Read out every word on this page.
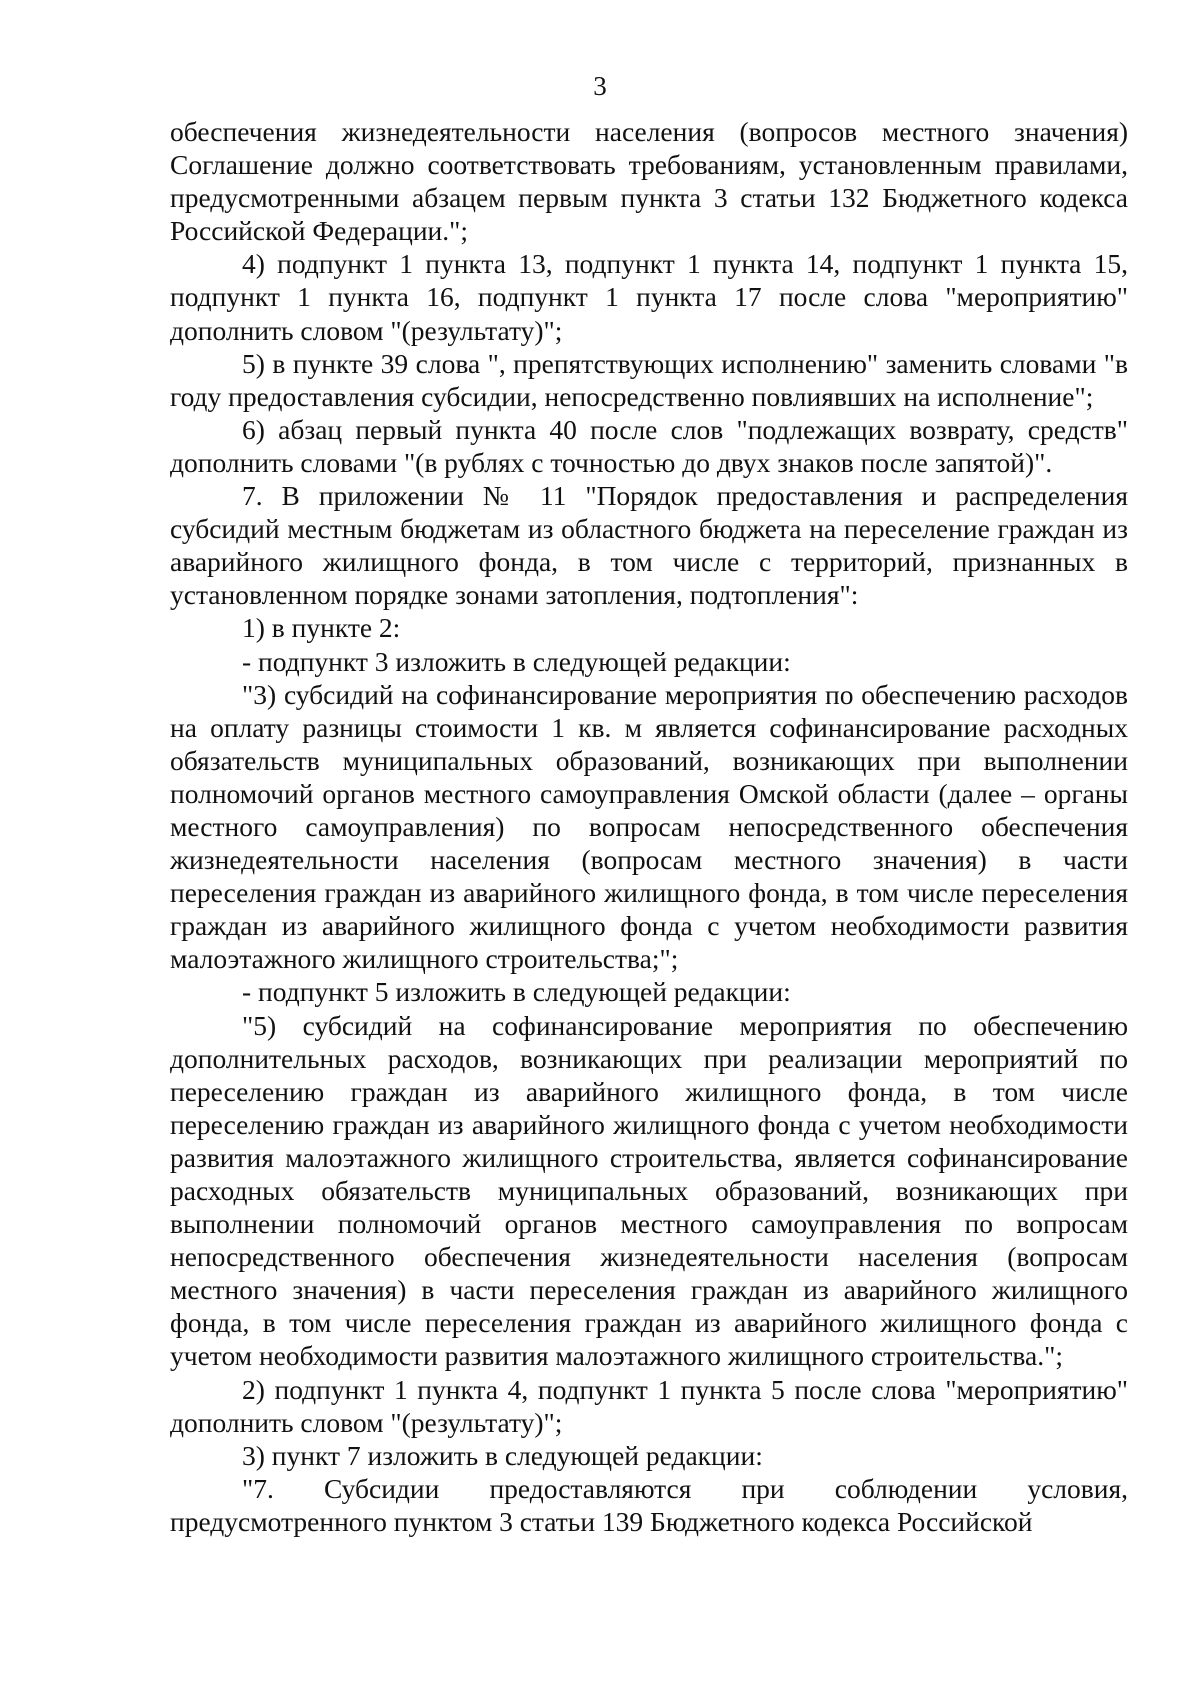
3

обеспечения жизнедеятельности населения (вопросов местного значения) Соглашение должно соответствовать требованиям, установленным правилами, предусмотренными абзацем первым пункта 3 статьи 132 Бюджетного кодекса Российской Федерации.";

4) подпункт 1 пункта 13, подпункт 1 пункта 14, подпункт 1 пункта 15, подпункт 1 пункта 16, подпункт 1 пункта 17 после слова "мероприятию" дополнить словом "(результату)";

5) в пункте 39 слова ", препятствующих исполнению" заменить словами "в году предоставления субсидии, непосредственно повлиявших на исполнение";

6) абзац первый пункта 40 после слов "подлежащих возврату, средств" дополнить словами "(в рублях с точностью до двух знаков после запятой)".

7. В приложении № 11 "Порядок предоставления и распределения субсидий местным бюджетам из областного бюджета на переселение граждан из аварийного жилищного фонда, в том числе с территорий, признанных в установленном порядке зонами затопления, подтопления":

1) в пункте 2:

- подпункт 3 изложить в следующей редакции:

"3) субсидий на софинансирование мероприятия по обеспечению расходов на оплату разницы стоимости 1 кв. м является софинансирование расходных обязательств муниципальных образований, возникающих при выполнении полномочий органов местного самоуправления Омской области (далее – органы местного самоуправления) по вопросам непосредственного обеспечения жизнедеятельности населения (вопросам местного значения) в части переселения граждан из аварийного жилищного фонда, в том числе переселения граждан из аварийного жилищного фонда с учетом необходимости развития малоэтажного жилищного строительства;";

- подпункт 5 изложить в следующей редакции:

"5) субсидий на софинансирование мероприятия по обеспечению дополнительных расходов, возникающих при реализации мероприятий по переселению граждан из аварийного жилищного фонда, в том числе переселению граждан из аварийного жилищного фонда с учетом необходимости развития малоэтажного жилищного строительства, является софинансирование расходных обязательств муниципальных образований, возникающих при выполнении полномочий органов местного самоуправления по вопросам непосредственного обеспечения жизнедеятельности населения (вопросам местного значения) в части переселения граждан из аварийного жилищного фонда, в том числе переселения граждан из аварийного жилищного фонда с учетом необходимости развития малоэтажного жилищного строительства.";

2) подпункт 1 пункта 4, подпункт 1 пункта 5 после слова "мероприятию" дополнить словом "(результату)";

3) пункт 7 изложить в следующей редакции:

"7. Субсидии предоставляются при соблюдении условия, предусмотренного пунктом 3 статьи 139 Бюджетного кодекса Российской
